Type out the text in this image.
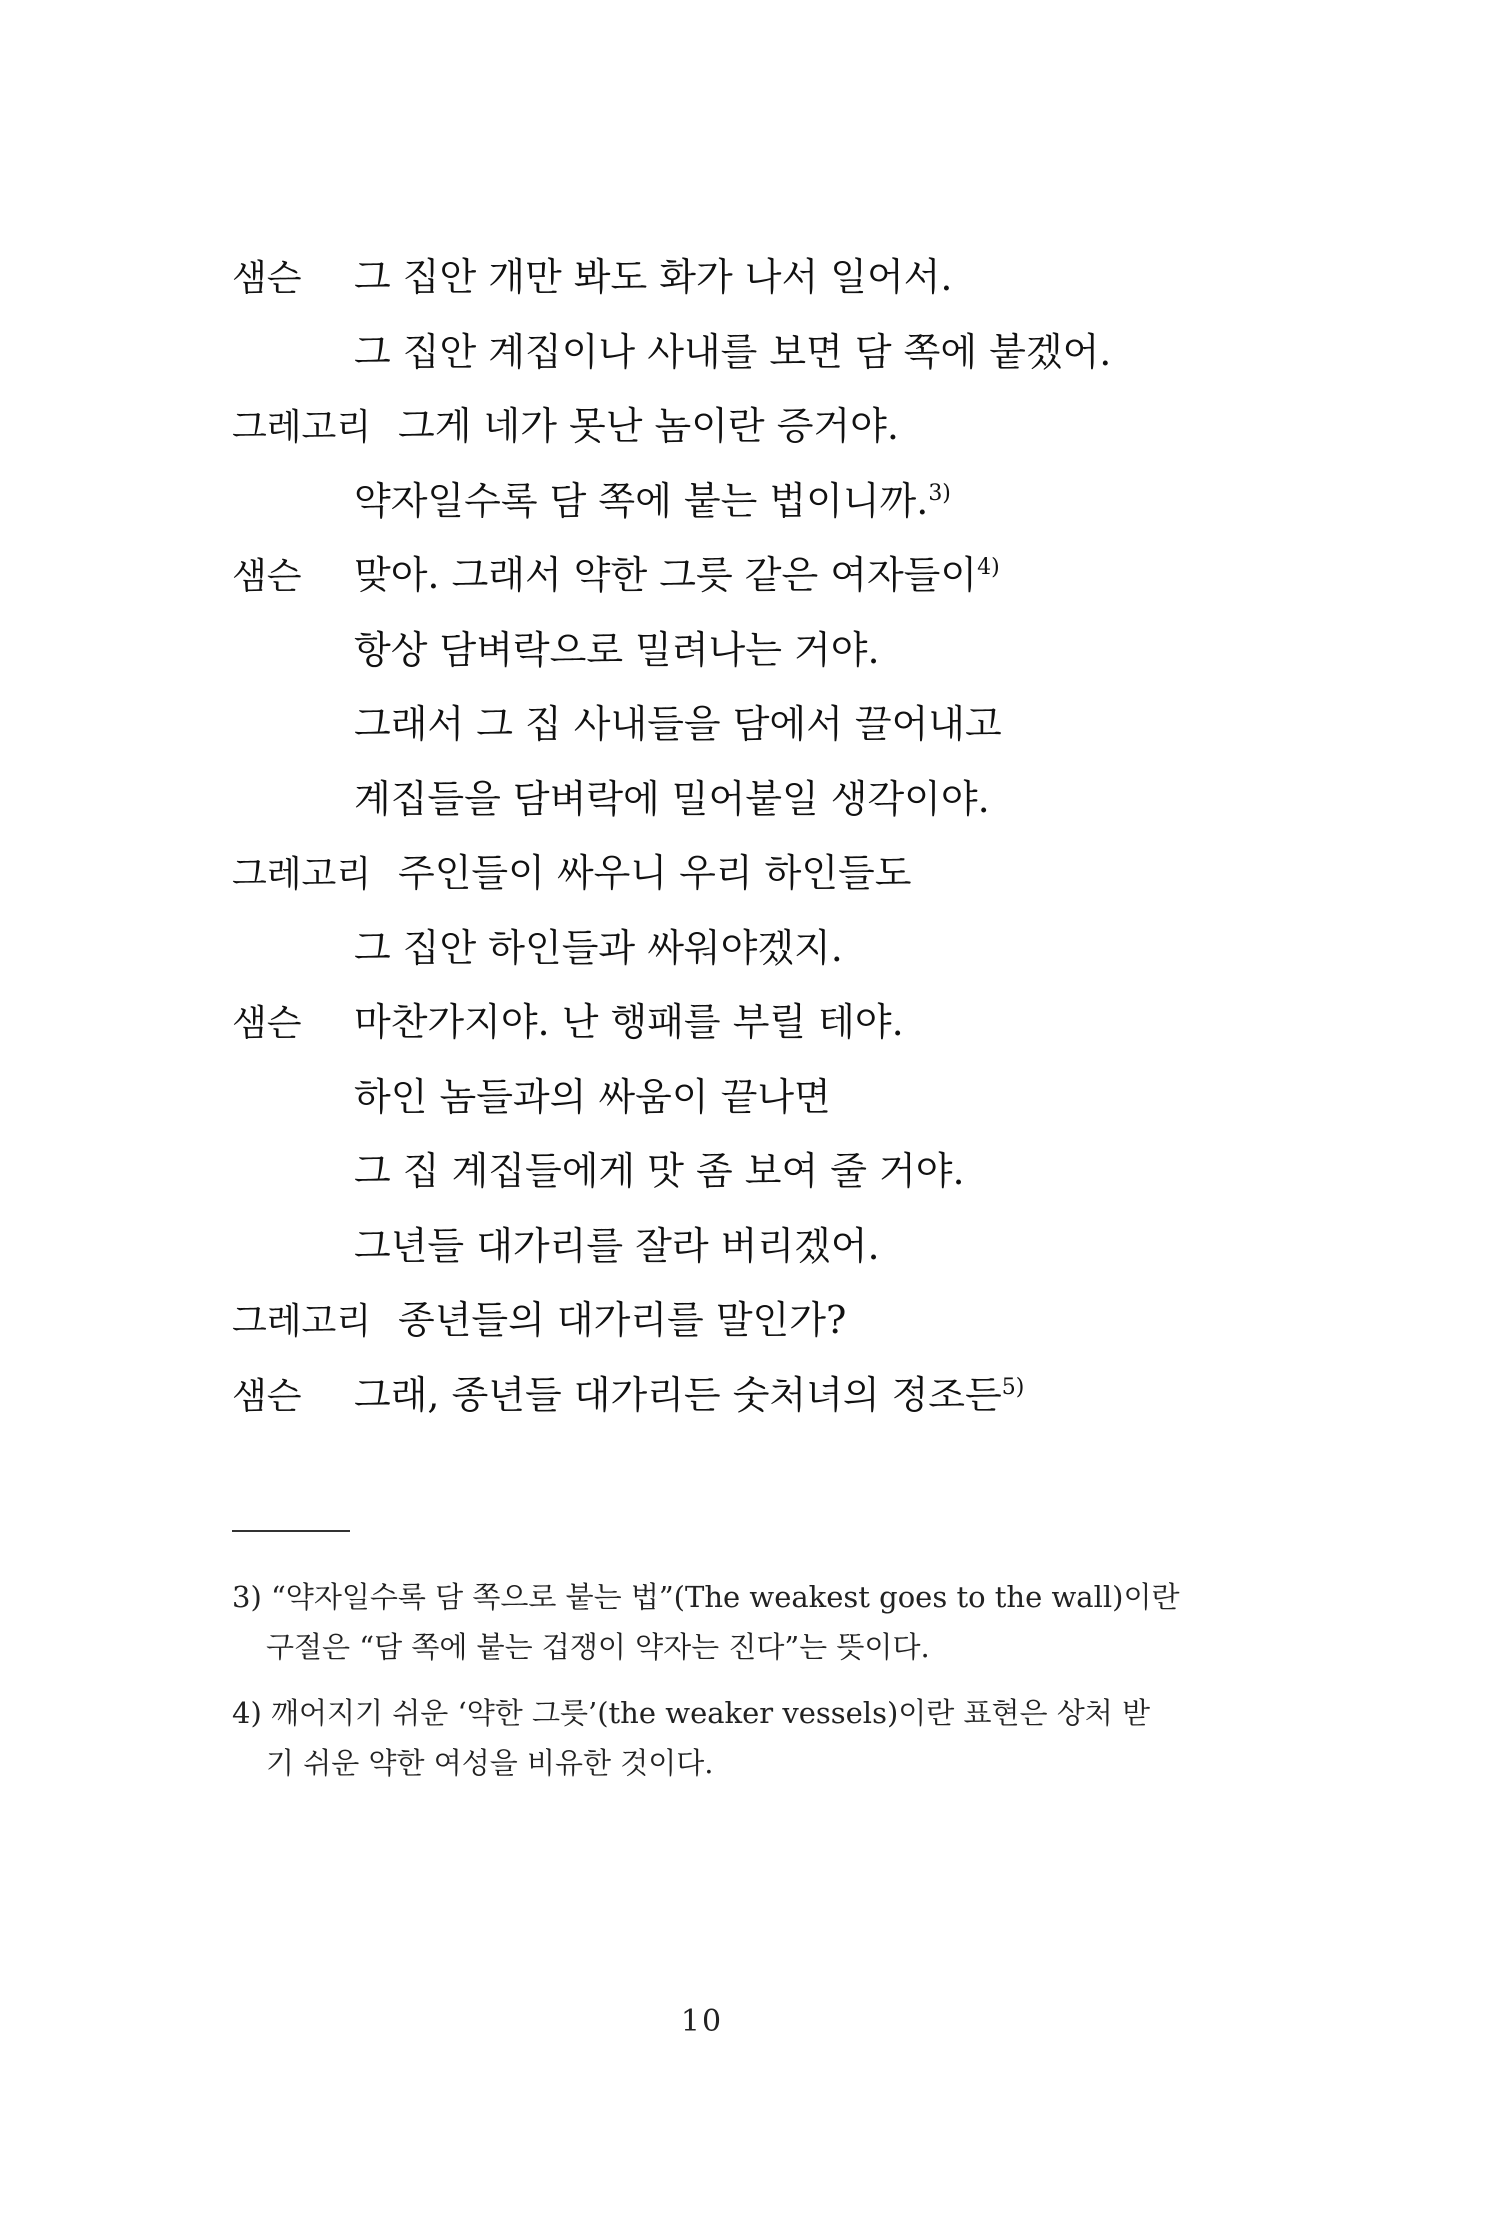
샘슨 그 집안 개만 봐도 화가 나서 일어서.
그 집안 계집이나 사내를 보면 담 쪽에 붙겠어.
그레고리 그게 네가 못난 놈이란 증거야.
약자일수록 담 쪽에 붙는 법이니까.$^{3)}$
샘슨 맞아. 그래서 약한 그릇 같은 여자들이$^{4)}$
항상 담벼락으로 밀려나는 거야.
그래서 그 집 사내들을 담에서 끌어내고
계집들을 담벼락에 밀어붙일 생각이야.
그레고리 주인들이 싸우니 우리 하인들도
그 집안 하인들과 싸워야겠지.
샘슨 마찬가지야. 난 행패를 부릴 테야.
하인 놈들과의 싸움이 끝나면
그 집 계집들에게 맛 좀 보여 줄 거야.
그년들 대가리를 잘라 버리겠어.
그레고리 종년들의 대가리를 말인가?
샘슨 그래, 종년들 대가리든 숫처녀의 정조든$^{5)}$
3) “약자일수록 담 쪽으로 붙는 법”(The weakest goes to the wall)이란
구절은 “담 쪽에 붙는 겁쟁이 약자는 진다”는 뜻이다.
4) 깨어지기 쉬운 ‘약한 그릇’(the weaker vessels)이란 표현은 상처 받
기 쉬운 약한 여성을 비유한 것이다.
10
